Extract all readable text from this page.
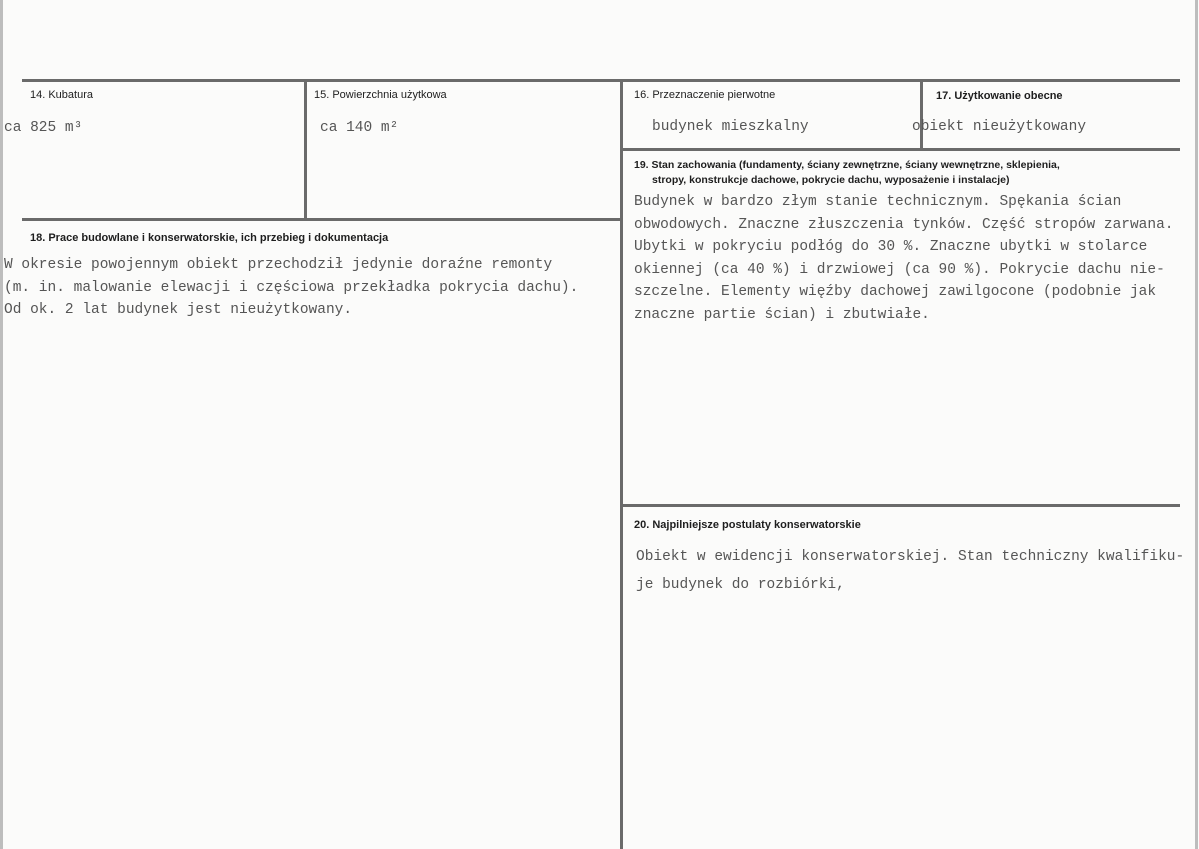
14. Kubatura
ca 825 m³
15. Powierzchnia użytkowa
ca 140 m²
16. Przeznaczenie pierwotne
budynek mieszkalny
17. Użytkowanie obecne
obiekt nieużytkowany
19. Stan zachowania (fundamenty, ściany zewnętrzne, ściany wewnętrzne, sklepienia,
stropy, konstrukcje dachowe, pokrycie dachu, wyposażenie i instalacje)
Budynek w bardzo złym stanie technicznym. Spękania ścian
obwodowych. Znaczne złuszczenia tynków. Część stropów zarwana.
Ubytki w pokryciu podłóg do 30 %. Znaczne ubytki w stolarce
okiennej (ca 40 %) i drzwiowej (ca 90 %). Pokrycie dachu nie-
szczelne. Elementy więźby dachowej zawilgocone (podobnie jak
znaczne partie ścian) i zbutwiałe.
18. Prace budowlane i konserwatorskie, ich przebieg i dokumentacja
W okresie powojennym obiekt przechodził jedynie doraźne remonty
(m. in. malowanie elewacji i częściowa przekładka pokrycia dachu).
Od ok. 2 lat budynek jest nieużytkowany.
20. Najpilniejsze postulaty konserwatorskie
Obiekt w ewidencji konserwatorskiej. Stan techniczny kwalifiku-
je budynek do rozbiórki,
